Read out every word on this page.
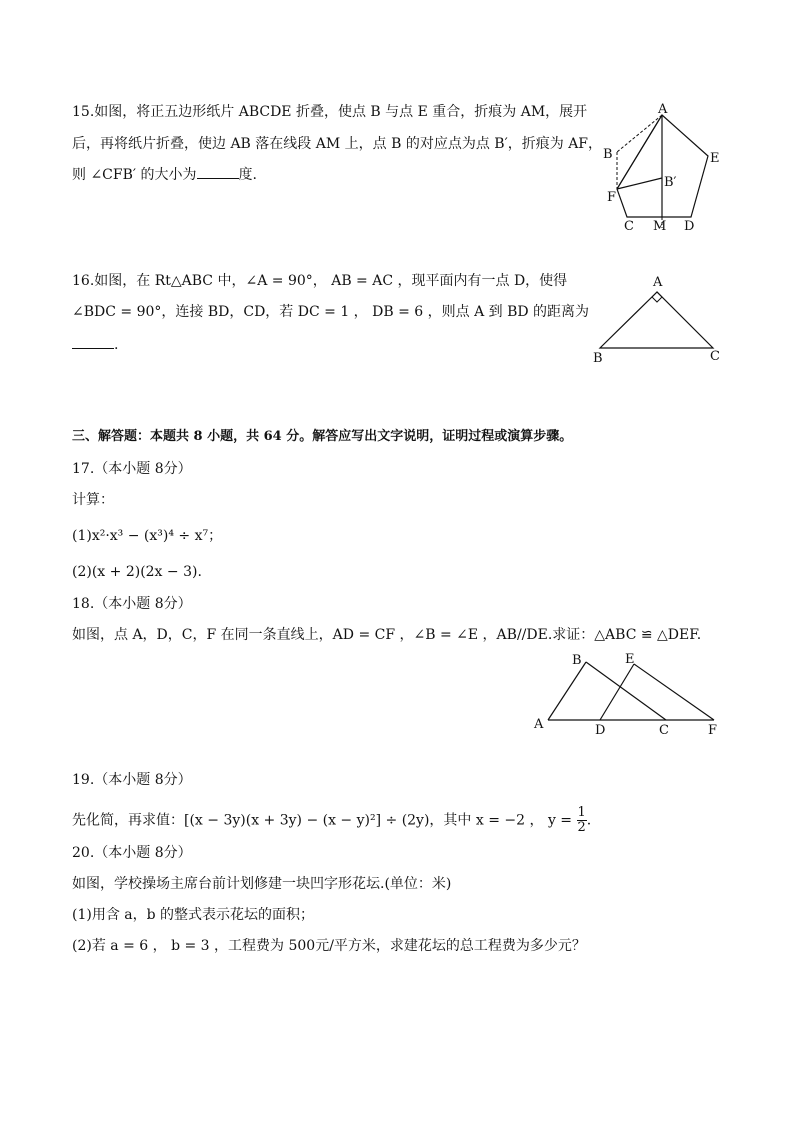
15.如图，将正五边形纸片 ABCDE 折叠，使点 B 与点 E 重合，折痕为 AM，展开
后，再将纸片折叠，使边 AB 落在线段 AM 上，点 B 的对应点为点 B′，折痕为 AF，
则 ∠CFB′ 的大小为	度.
A
B	E
B′
F
C M D
16.如图，在 Rt△ABC 中，∠A = 90°， AB = AC ，现平面内有一点 D，使得
∠BDC = 90°，连接 BD，CD，若 DC = 1 ， DB = 6 ，则点 A 到 BD 的距离为
.
A
B	C
三、解答题：本题共 8 小题，共 64 分。解答应写出文字说明，证明过程或演算步骤。
17.（本小题 8分）
计算：
(1)x²·x³ − (x³)⁴ ÷ x⁷；
(2)(x + 2)(2x − 3).
18.（本小题 8分）
如图，点 A，D，C，F 在同一条直线上，AD = CF ，∠B = ∠E ，AB//DE.求证：△ABC ≌ △DEF.
B	E
A	D	C	F
19.（本小题 8分）
先化简，再求值：[(x − 3y)(x + 3y) − (x − y)²] ÷ (2y)，其中 x = −2 ， $y = \frac{1}{2}$ .
20.（本小题 8分）
如图，学校操场主席台前计划修建一块凹字形花坛.(单位：米)
(1)用含 a，b 的整式表示花坛的面积；
(2)若 a = 6 ， b = 3 ，工程费为 500元/平方米，求建花坛的总工程费为多少元？
